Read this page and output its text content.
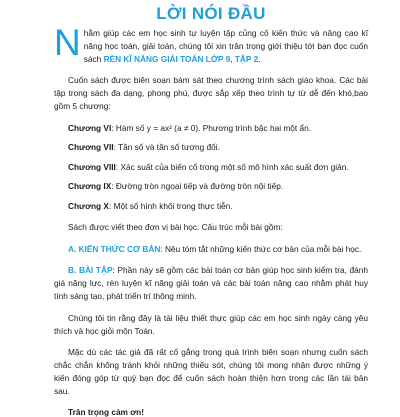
LỜI NÓI ĐẦU
Nhằm giúp các em học sinh tự luyện tập củng cố kiến thức và nâng cao kĩ năng học toán, giải toán, chúng tôi xin trân trọng giới thiệu tới bạn đọc cuốn sách RÈN KĨ NĂNG GIẢI TOÁN LỚP 9, TẬP 2.
Cuốn sách được biên soạn bám sát theo chương trình sách giáo khoa. Các bài tập trong sách đa dạng, phong phú, được sắp xếp theo trình tự từ dễ đến khó,bao gồm 5 chương:
Chương VI: Hàm số y = ax² (a ≠ 0). Phương trình bậc hai một ẩn.
Chương VII: Tần số và tần số tương đối.
Chương VIII: Xác suất của biến cố trong một số mô hình xác suất đơn giản.
Chương IX: Đường tròn ngoại tiếp và đường tròn nội tiếp.
Chương X: Một số hình khối trong thực tiễn.
Sách được viết theo đơn vị bài học. Cấu trúc mỗi bài gồm:
A. KIẾN THỨC CƠ BẢN: Nêu tóm tắt những kiến thức cơ bản của mỗi bài học.
B. BÀI TẬP: Phần này sẽ gồm các bài toán cơ bản giúp học sinh kiểm tra, đánh giá năng lực, rèn luyện kĩ năng giải toán và các bài toán nâng cao nhằm phát huy tính sáng tạo, phát triển trí thông minh.
Chúng tôi tin rằng đây là tài liệu thiết thực giúp các em học sinh ngày càng yêu thích và học giỏi môn Toán.
Mặc dù các tác giả đã rất cố gắng trong quá trình biên soạn nhưng cuốn sách chắc chắn không tránh khỏi những thiếu sót, chúng tôi mong nhận được những ý kiến đóng góp từ quý bạn đọc để cuốn sách hoàn thiện hơn trong các lần tái bản sau.
Trân trọng cảm ơn!
